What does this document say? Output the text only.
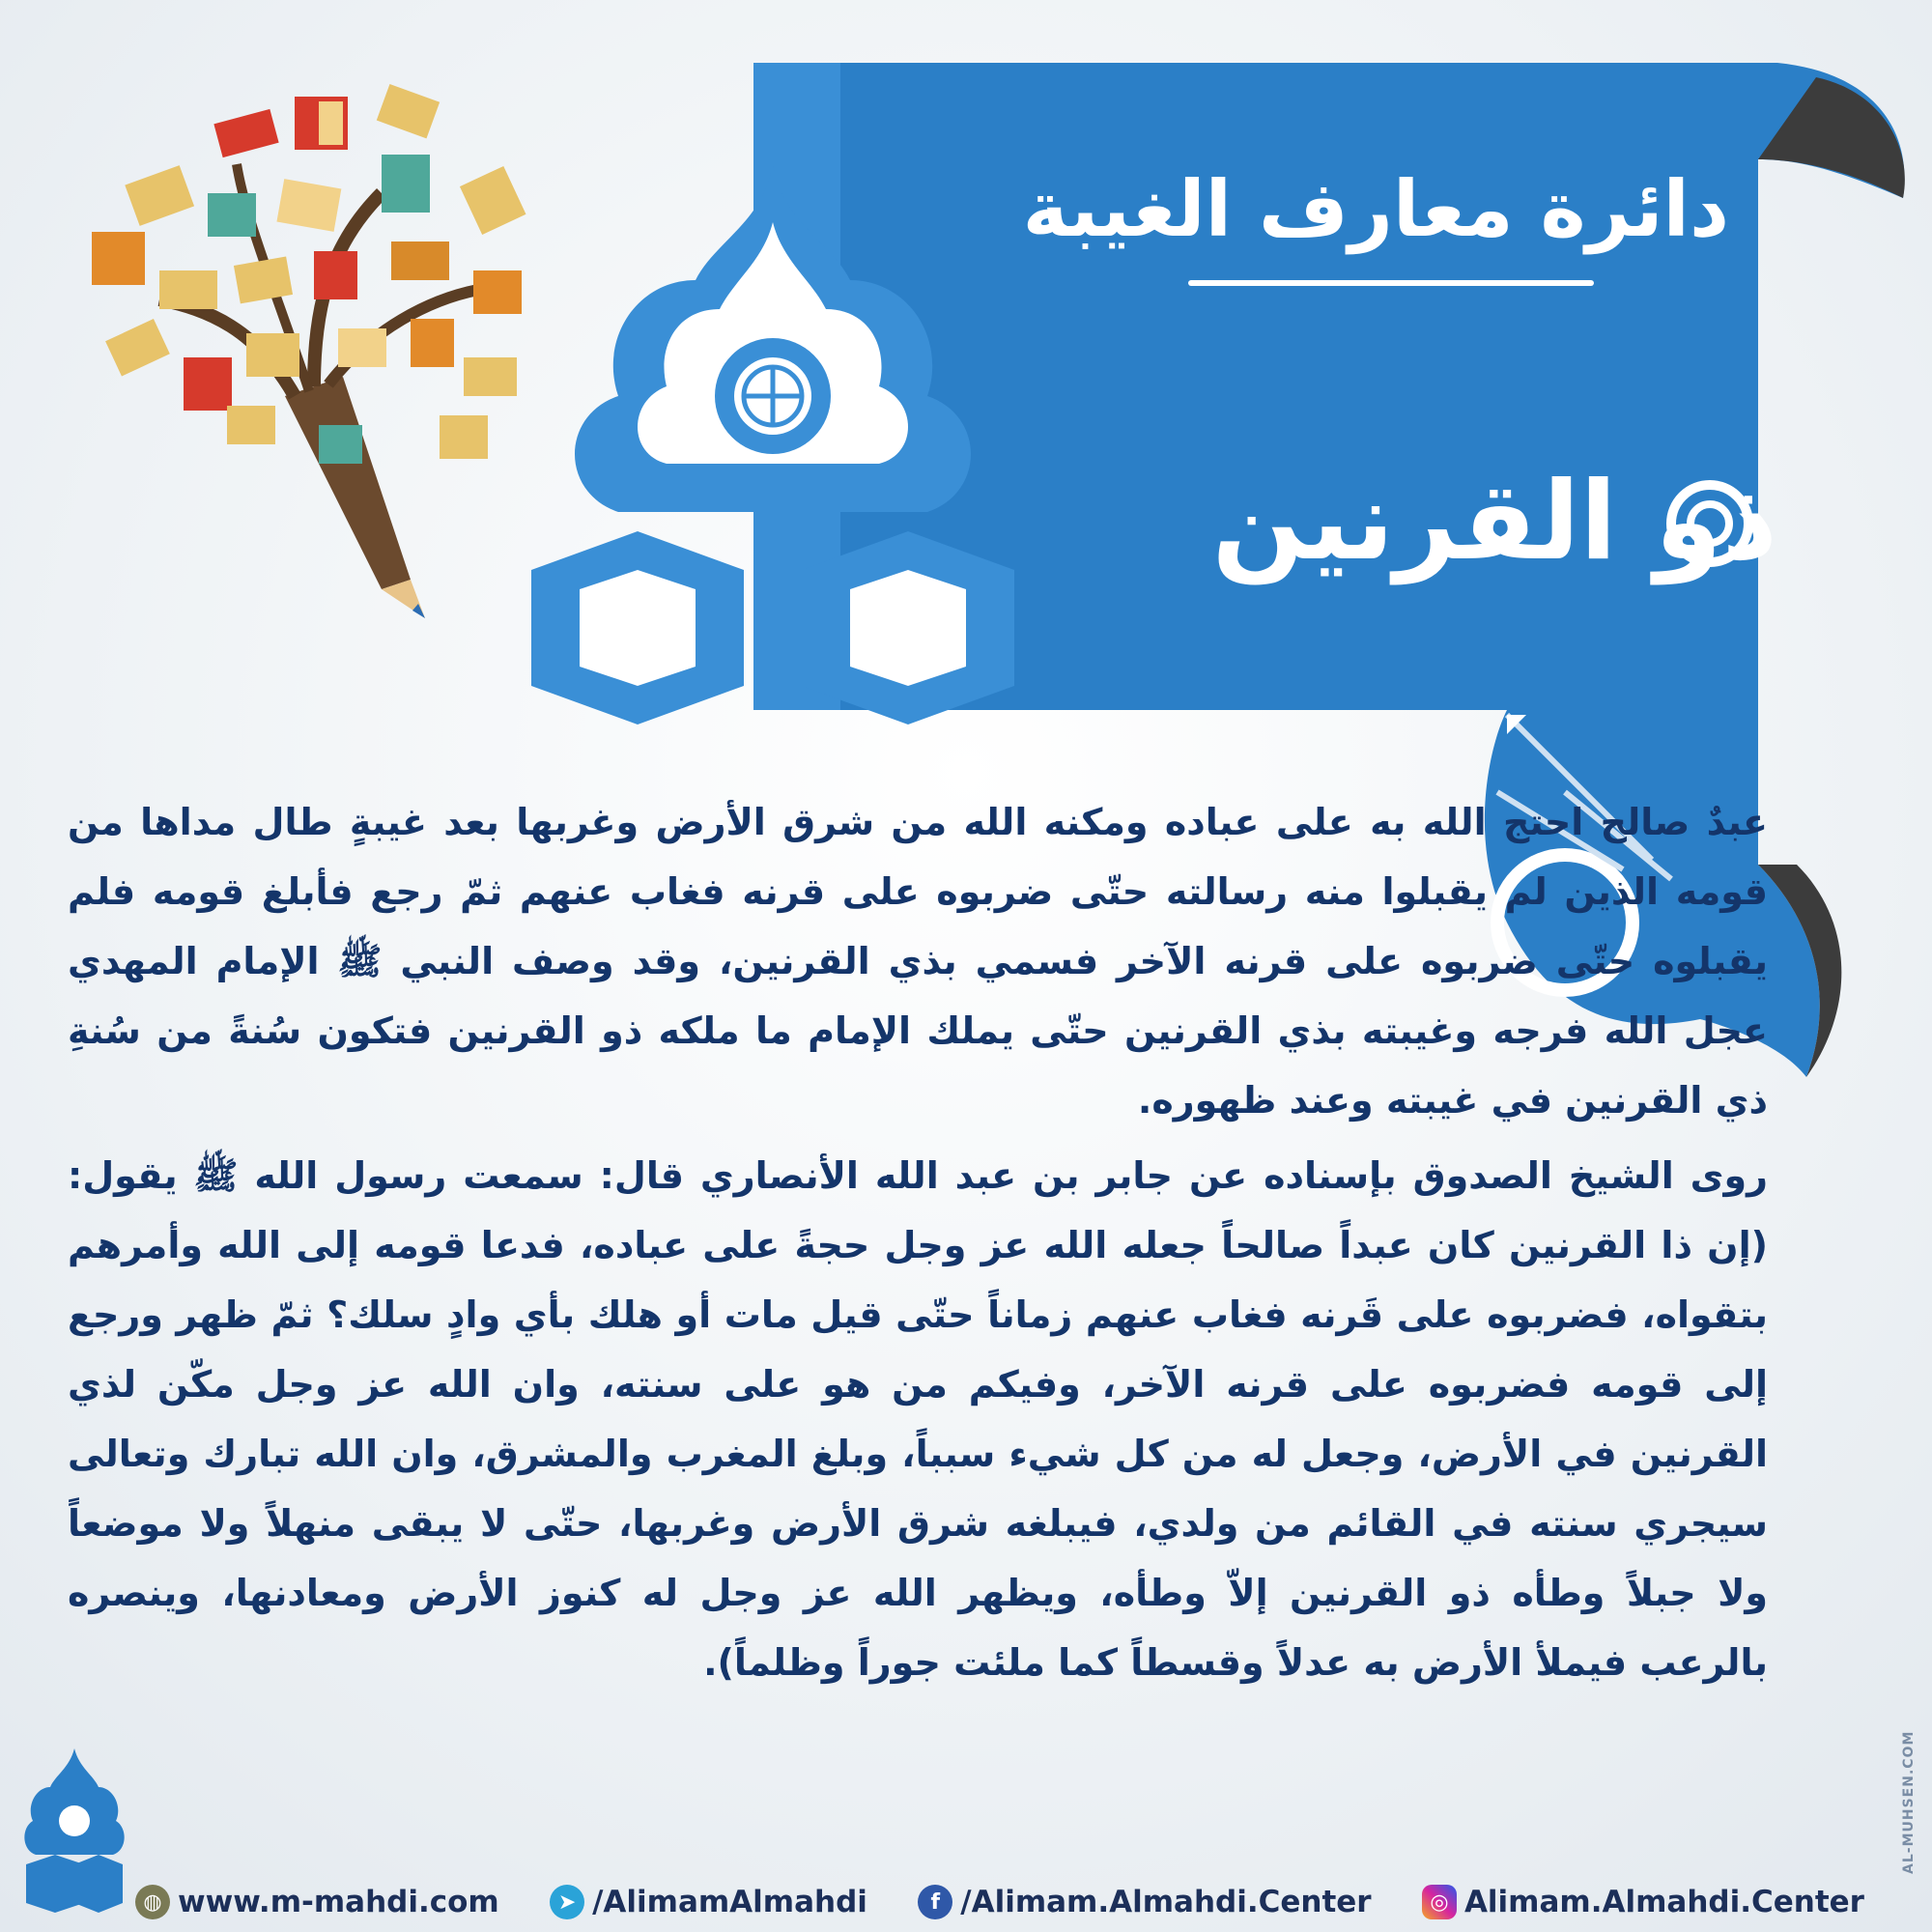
دائرة معارف الغيبة
ذو القرنين

عبدٌ صالح احتج الله به على عباده ومكنه الله من شرق الأرض وغربها بعد غيبةٍ طال مداها من قومه الذين لم يقبلوا منه رسالته حتّى ضربوه على قرنه فغاب عنهم ثمّ رجع فأبلغ قومه فلم يقبلوه حتّى ضربوه على قرنه الآخر فسمي بذي القرنين، وقد وصف النبي ﷺ الإمام المهدي عجل الله فرجه وغيبته بذي القرنين حتّى يملك الإمام ما ملكه ذو القرنين فتكون سُنةً من سُنةِ ذي القرنين في غيبته وعند ظهوره.

روى الشيخ الصدوق بإسناده عن جابر بن عبد الله الأنصاري قال: سمعت رسول الله ﷺ يقول: (إن ذا القرنين كان عبداً صالحاً جعله الله عز وجل حجةً على عباده، فدعا قومه إلى الله وأمرهم بتقواه، فضربوه على قَرنه فغاب عنهم زماناً حتّى قيل مات أو هلك بأي وادٍ سلك؟ ثمّ ظهر ورجع إلى قومه فضربوه على قرنه الآخر، وفيكم من هو على سنته، وان الله عز وجل مكّن لذي القرنين في الأرض، وجعل له من كل شيء سبباً، وبلغ المغرب والمشرق، وان الله تبارك وتعالى سيجري سنته في القائم من ولدي، فيبلغه شرق الأرض وغربها، حتّى لا يبقى منهلاً ولا موضعاً ولا جبلاً وطأه ذو القرنين إلاّ وطأه، ويظهر الله عز وجل له كنوز الأرض ومعادنها، وينصره بالرعب فيملأ الأرض به عدلاً وقسطاً كما ملئت جوراً وظلماً).

◍ www.m-mahdi.com	➤ /AlimamAlmahdi	f /Alimam.Almahdi.Center	◎ Alimam.Almahdi.Center
AL-MUHSEN.COM
